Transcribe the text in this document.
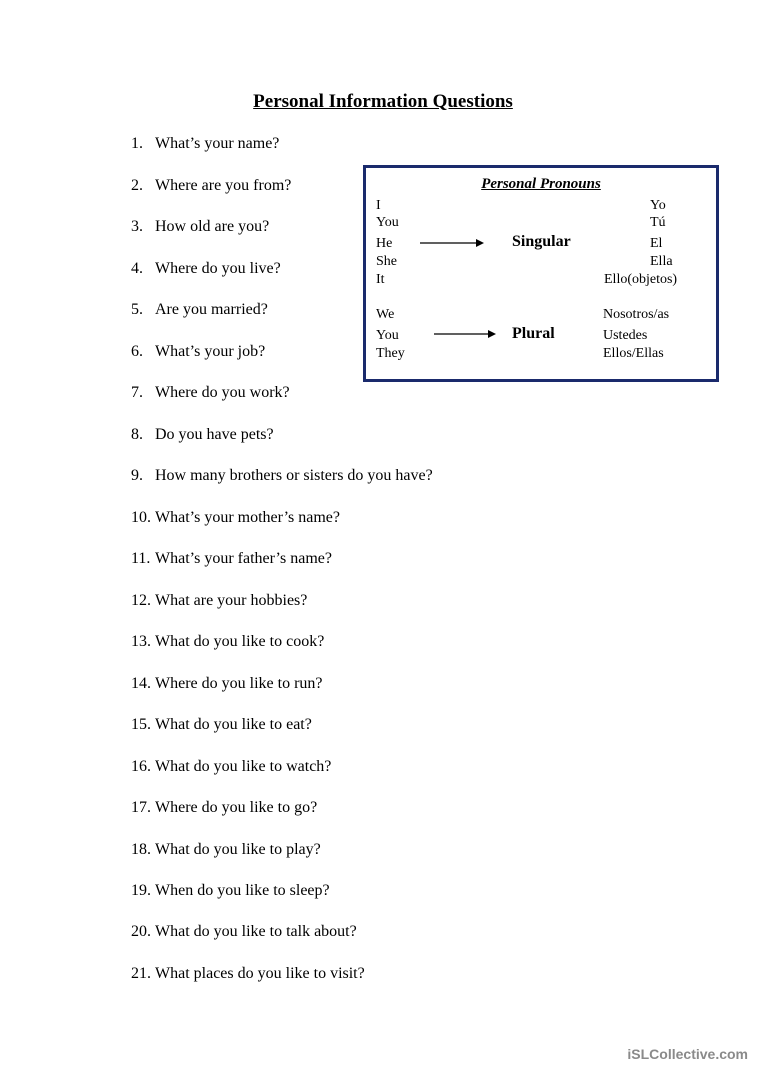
Personal Information Questions
1. What’s your name?
2. Where are you from?
3. How old are you?
4. Where do you live?
5. Are you married?
6. What’s your job?
7. Where do you work?
8. Do you have pets?
9. How many brothers or sisters do you have?
10. What’s your mother’s name?
11. What’s your father’s name?
12. What are your hobbies?
13. What do you like to cook?
14. Where do you like to run?
15. What do you like to eat?
16. What do you like to watch?
17. Where do you like to go?
18. What do you like to play?
19. When do you like to sleep?
20. What do you like to talk about?
21. What places do you like to visit?
Personal Pronouns
I
You
He
She
It
Singular
Yo
Tú
El
Ella
Ello(objetos)
We
You
They
Plural
Nosotros/as
Ustedes
Ellos/Ellas
iSLCollective.com
